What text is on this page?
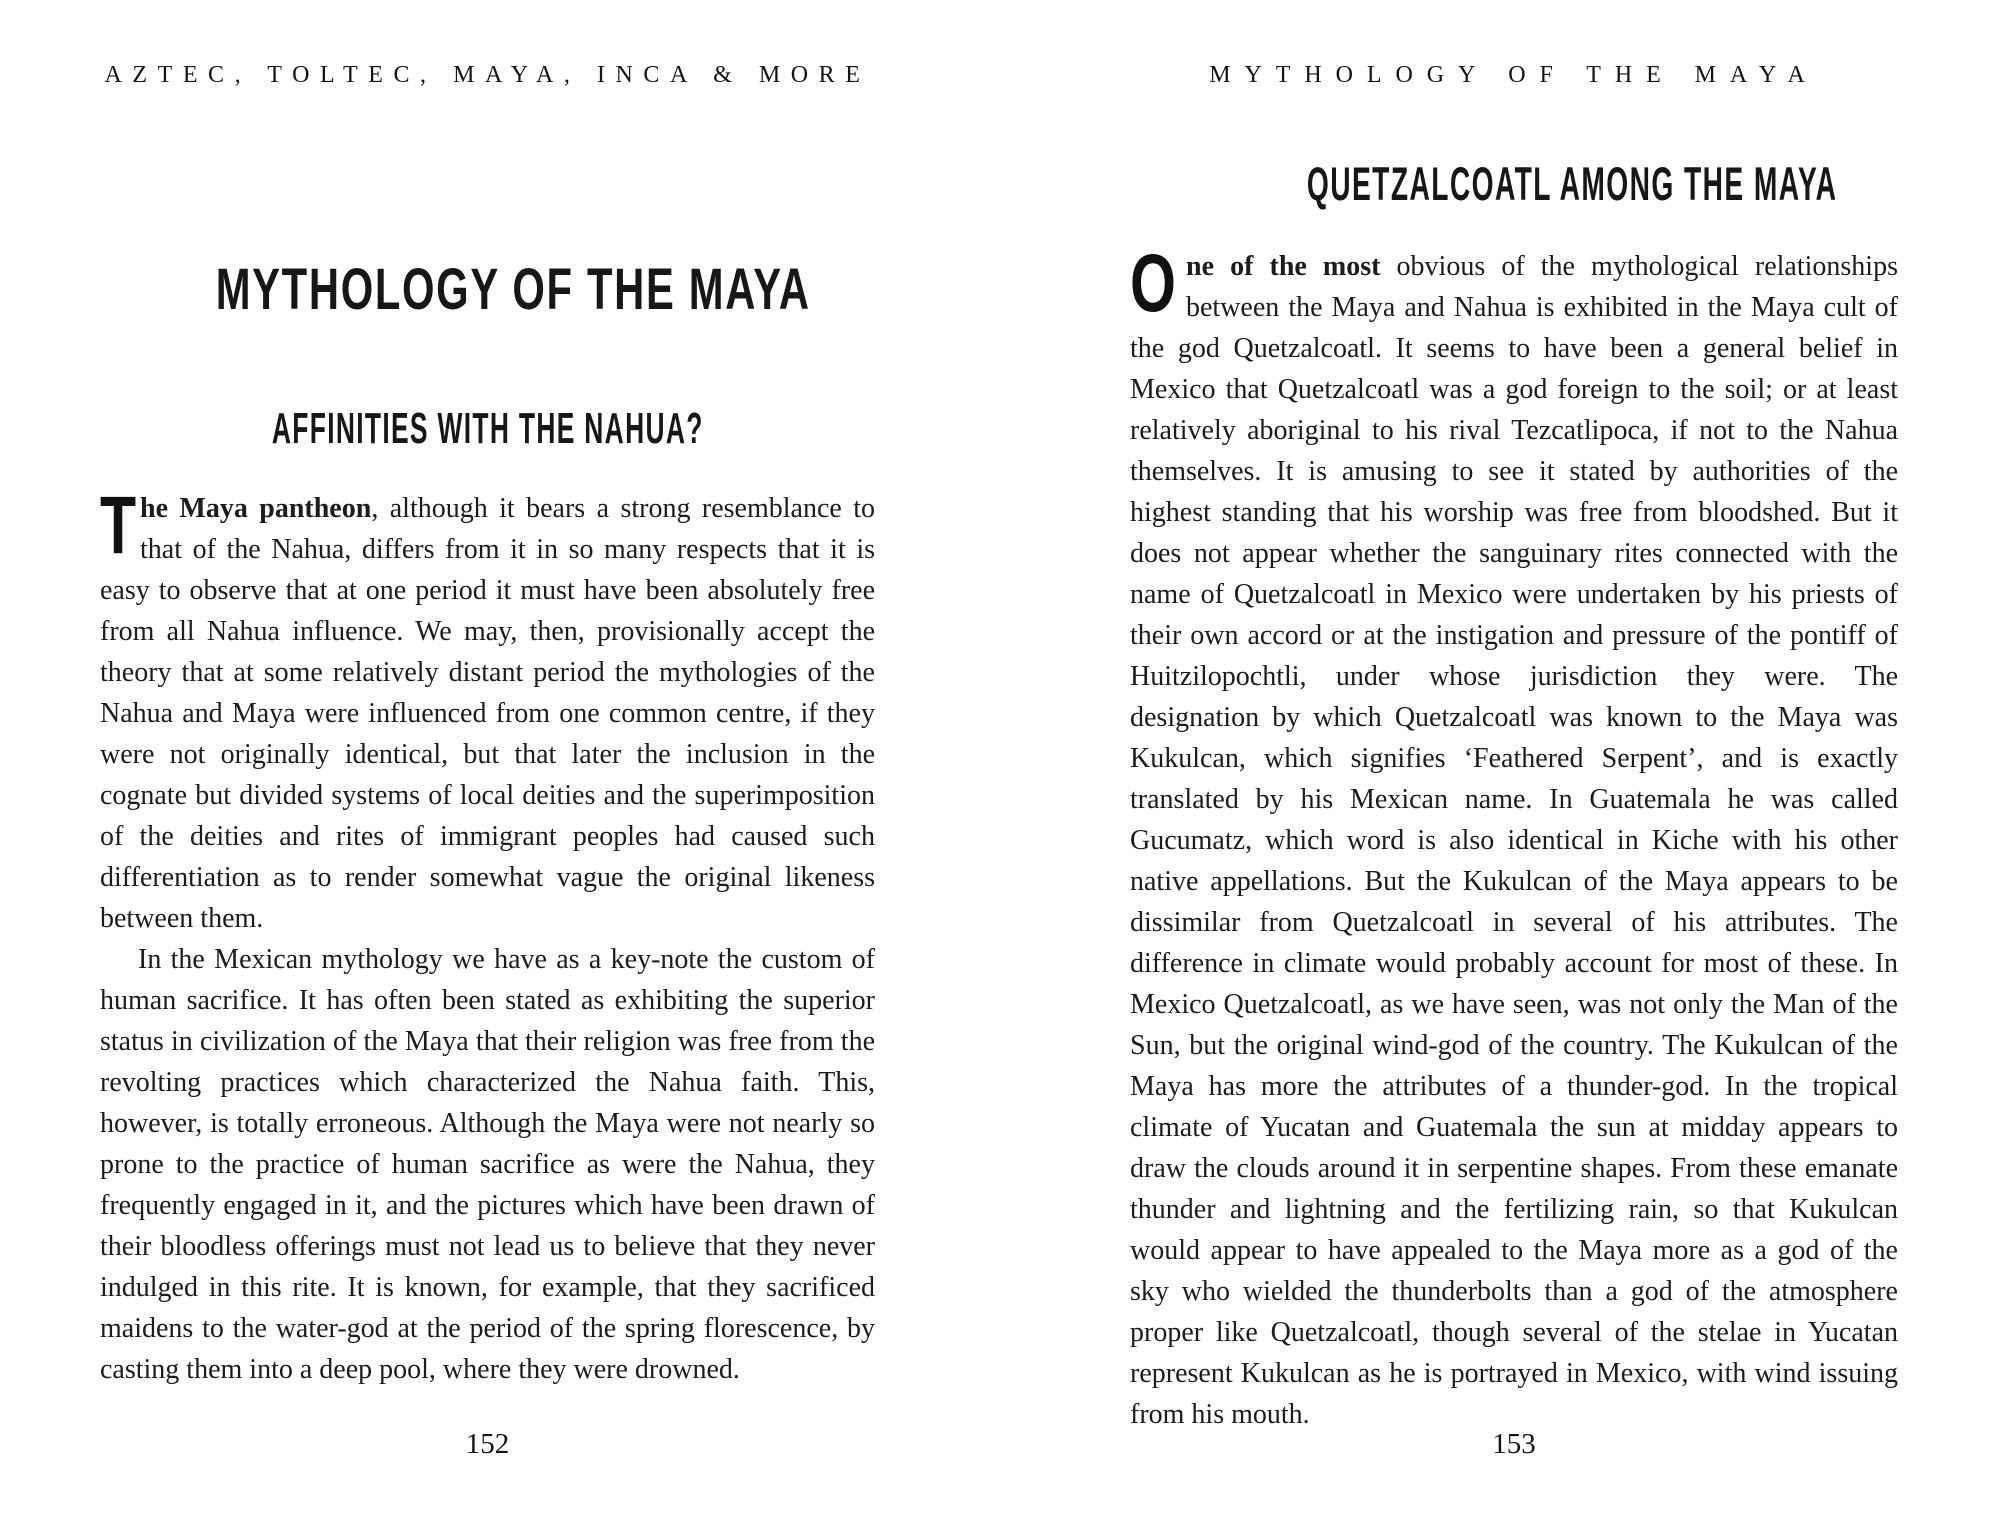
AZTEC, TOLTEC, MAYA, INCA & MORE
MYTHOLOGY OF THE MAYA
AFFINITIES WITH THE NAHUA?

The Maya pantheon, although it bears a strong resemblance to that of the Nahua, differs from it in so many respects that it is easy to observe that at one period it must have been absolutely free from all Nahua influence. We may, then, provisionally accept the theory that at some relatively distant period the mythologies of the Nahua and Maya were influenced from one common centre, if they were not originally identical, but that later the inclusion in the cognate but divided systems of local deities and the superimposition of the deities and rites of immigrant peoples had caused such differentiation as to render somewhat vague the original likeness between them.

In the Mexican mythology we have as a key-note the custom of human sacrifice. It has often been stated as exhibiting the superior status in civilization of the Maya that their religion was free from the revolting practices which characterized the Nahua faith. This, however, is totally erroneous. Although the Maya were not nearly so prone to the practice of human sacrifice as were the Nahua, they frequently engaged in it, and the pictures which have been drawn of their bloodless offerings must not lead us to believe that they never indulged in this rite. It is known, for example, that they sacrificed maidens to the water-god at the period of the spring florescence, by casting them into a deep pool, where they were drowned.

152
MYTHOLOGY OF THE MAYA
QUETZALCOATL AMONG THE MAYA

One of the most obvious of the mythological relationships between the Maya and Nahua is exhibited in the Maya cult of the god Quetzalcoatl. It seems to have been a general belief in Mexico that Quetzalcoatl was a god foreign to the soil; or at least relatively aboriginal to his rival Tezcatlipoca, if not to the Nahua themselves. It is amusing to see it stated by authorities of the highest standing that his worship was free from bloodshed. But it does not appear whether the sanguinary rites connected with the name of Quetzalcoatl in Mexico were undertaken by his priests of their own accord or at the instigation and pressure of the pontiff of Huitzilopochtli, under whose jurisdiction they were. The designation by which Quetzalcoatl was known to the Maya was Kukulcan, which signifies ‘Feathered Serpent’, and is exactly translated by his Mexican name. In Guatemala he was called Gucumatz, which word is also identical in Kiche with his other native appellations. But the Kukulcan of the Maya appears to be dissimilar from Quetzalcoatl in several of his attributes. The difference in climate would probably account for most of these. In Mexico Quetzalcoatl, as we have seen, was not only the Man of the Sun, but the original wind-god of the country. The Kukulcan of the Maya has more the attributes of a thunder-god. In the tropical climate of Yucatan and Guatemala the sun at midday appears to draw the clouds around it in serpentine shapes. From these emanate thunder and lightning and the fertilizing rain, so that Kukulcan would appear to have appealed to the Maya more as a god of the sky who wielded the thunderbolts than a god of the atmosphere proper like Quetzalcoatl, though several of the stelae in Yucatan represent Kukulcan as he is portrayed in Mexico, with wind issuing from his mouth.

153
